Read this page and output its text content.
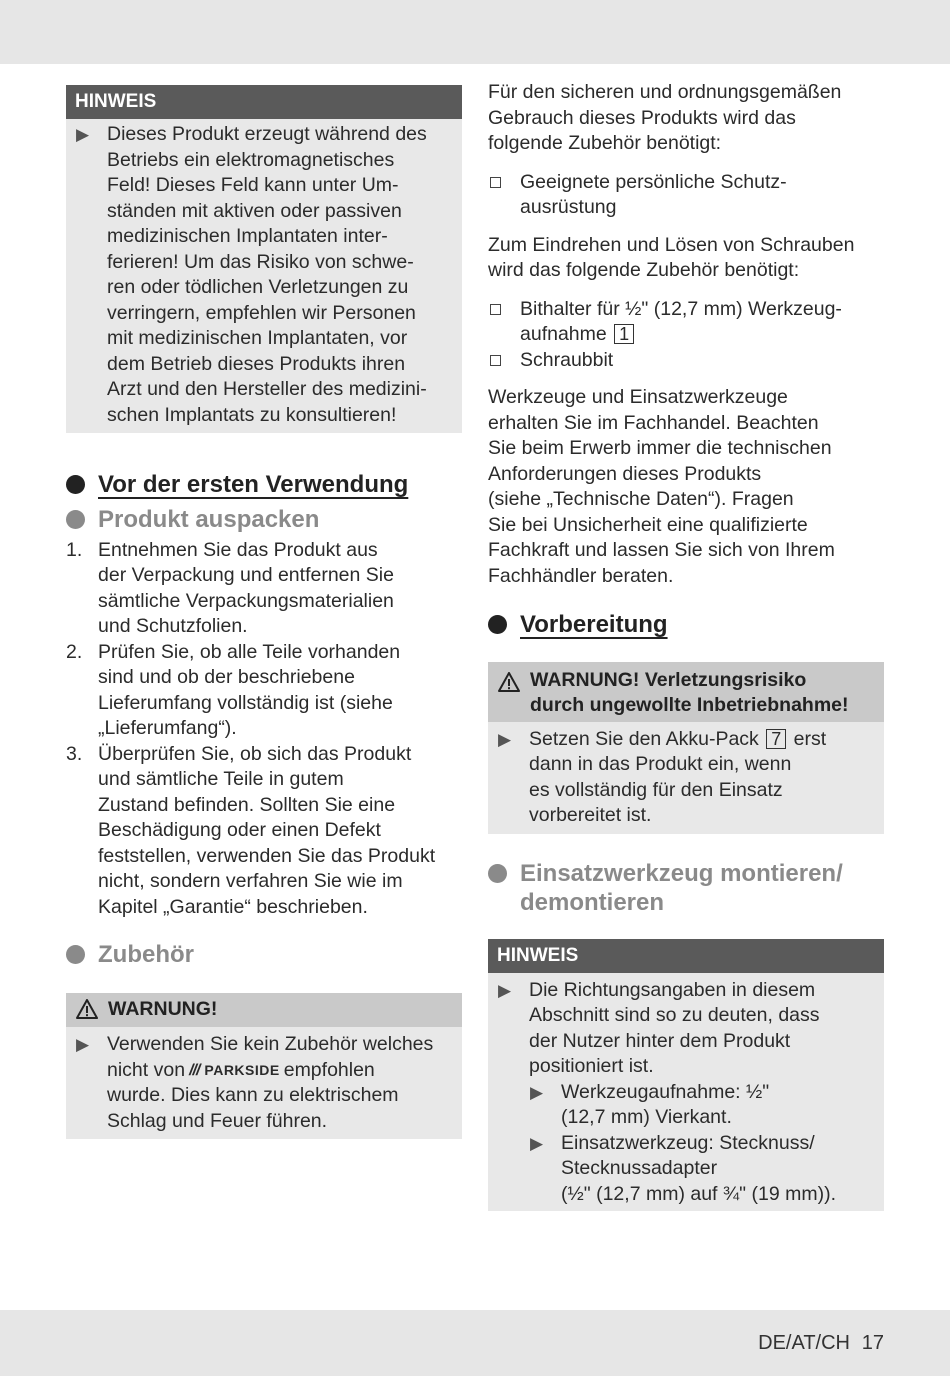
HINWEIS
▶ Dieses Produkt erzeugt während des
Betriebs ein elektromagnetisches
Feld! Dieses Feld kann unter Um-
ständen mit aktiven oder passiven
medizinischen Implantaten inter-
ferieren! Um das Risiko von schwe-
ren oder tödlichen Verletzungen zu
verringern, empfehlen wir Personen
mit medizinischen Implantaten, vor
dem Betrieb dieses Produkts ihren
Arzt und den Hersteller des medizini-
schen Implantats zu konsultieren!
Vor der ersten Verwendung
Produkt auspacken
1. Entnehmen Sie das Produkt aus
der Verpackung und entfernen Sie
sämtliche Verpackungsmaterialien
und Schutzfolien.
2. Prüfen Sie, ob alle Teile vorhanden
sind und ob der beschriebene
Lieferumfang vollständig ist (siehe
„Lieferumfang“).
3. Überprüfen Sie, ob sich das Produkt
und sämtliche Teile in gutem
Zustand befinden. Sollten Sie eine
Beschädigung oder einen Defekt
feststellen, verwenden Sie das Produkt
nicht, sondern verfahren Sie wie im
Kapitel „Garantie“ beschrieben.
Zubehör
WARNUNG!
▶ Verwenden Sie kein Zubehör welches
nicht von /// PARKSIDE empfohlen
wurde. Dies kann zu elektrischem
Schlag und Feuer führen.
Für den sicheren und ordnungsgemäßen
Gebrauch dieses Produkts wird das
folgende Zubehör benötigt:
Geeignete persönliche Schutz-
ausrüstung
Zum Eindrehen und Lösen von Schrauben
wird das folgende Zubehör benötigt:
Bithalter für ½" (12,7 mm) Werkzeug-
aufnahme 1
Schraubbit
Werkzeuge und Einsatzwerkzeuge
erhalten Sie im Fachhandel. Beachten
Sie beim Erwerb immer die technischen
Anforderungen dieses Produkts
(siehe „Technische Daten“). Fragen
Sie bei Unsicherheit eine qualifizierte
Fachkraft und lassen Sie sich von Ihrem
Fachhändler beraten.
Vorbereitung
WARNUNG! Verletzungsrisiko
durch ungewollte Inbetriebnahme!
▶ Setzen Sie den Akku-Pack 7 erst
dann in das Produkt ein, wenn
es vollständig für den Einsatz
vorbereitet ist.
Einsatzwerkzeug montieren/
demontieren
HINWEIS
▶ Die Richtungsangaben in diesem
Abschnitt sind so zu deuten, dass
der Nutzer hinter dem Produkt
positioniert ist.
▶ Werkzeugaufnahme: ½"
(12,7 mm) Vierkant.
▶ Einsatzwerkzeug: Stecknuss/
Stecknussadapter
(½" (12,7 mm) auf ¾" (19 mm)).
DE/AT/CH 17
